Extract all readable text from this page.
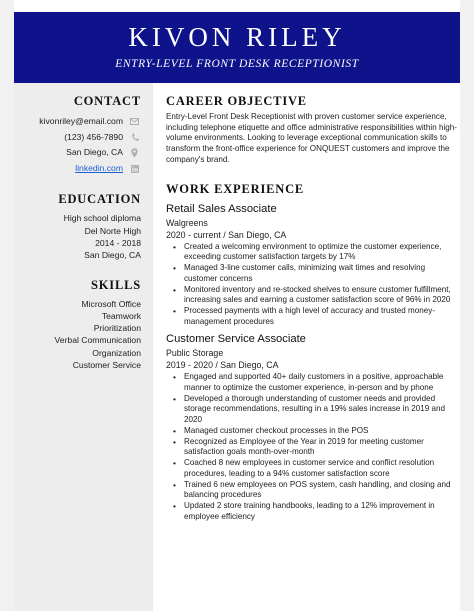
KIVON RILEY
ENTRY-LEVEL FRONT DESK RECEPTIONIST
CONTACT
kivonriley@email.com
(123) 456-7890
San Diego, CA
linkedin.com
EDUCATION
High school diploma
Del Norte High
2014 - 2018
San Diego, CA
SKILLS
Microsoft Office
Teamwork
Prioritization
Verbal Communication
Organization
Customer Service
CAREER OBJECTIVE
Entry-Level Front Desk Receptionist with proven customer service experience, including telephone etiquette and office administrative responsibilities within high-volume environments. Looking to leverage exceptional communication skills to transform the front-office experience for ONQUEST customers and improve the company's brand.
WORK EXPERIENCE
Retail Sales Associate
Walgreens
2020 - current / San Diego, CA
• Created a welcoming environment to optimize the customer experience, exceeding customer satisfaction targets by 17%
• Managed 3-line customer calls, minimizing wait times and resolving customer concerns
• Monitored inventory and re-stocked shelves to ensure customer fulfillment, increasing sales and earning a customer satisfaction score of 96% in 2020
• Processed payments with a high level of accuracy and trusted money-management procedures
Customer Service Associate
Public Storage
2019 - 2020 / San Diego, CA
• Engaged and supported 40+ daily customers in a positive, approachable manner to optimize the customer experience, in-person and by phone
• Developed a thorough understanding of customer needs and provided storage recommendations, resulting in a 19% sales increase in 2019 and 2020
• Managed customer checkout processes in the POS
• Recognized as Employee of the Year in 2019 for meeting customer satisfaction goals month-over-month
• Coached 8 new employees in customer service and conflict resolution procedures, leading to a 94% customer satisfaction score
• Trained 6 new employees on POS system, cash handling, and closing and balancing procedures
• Updated 2 store training handbooks, leading to a 12% improvement in employee efficiency
